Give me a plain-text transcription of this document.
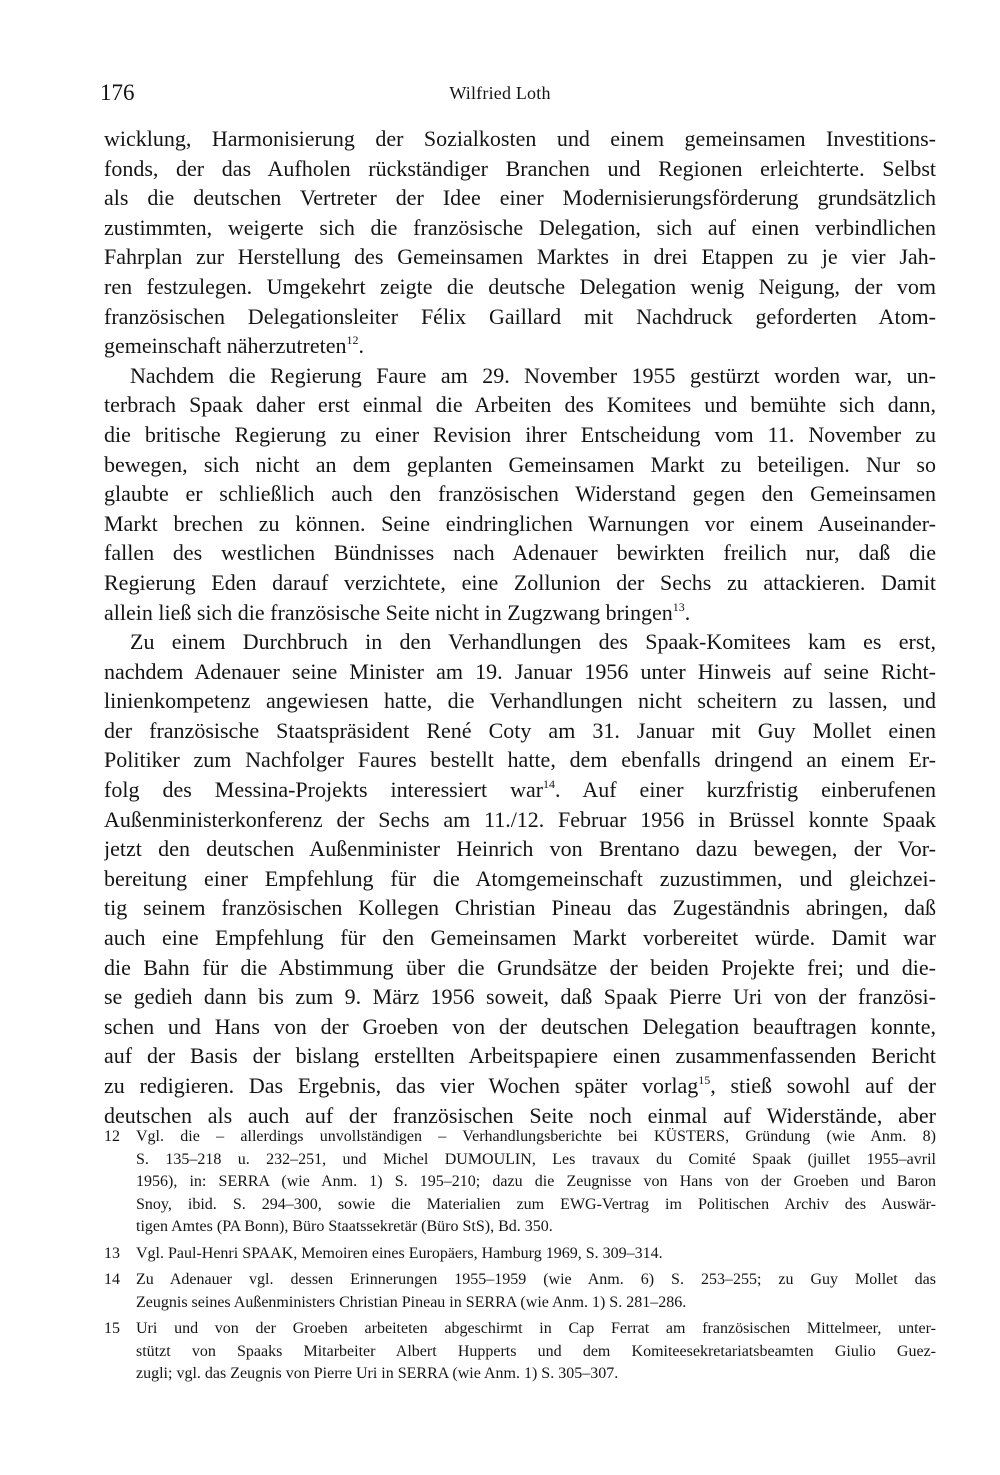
176	Wilfried Loth
wicklung, Harmonisierung der Sozialkosten und einem gemeinsamen Investitions-
fonds, der das Aufholen rückständiger Branchen und Regionen erleichterte. Selbst
als die deutschen Vertreter der Idee einer Modernisierungsförderung grundsätzlich
zustimmten, weigerte sich die französische Delegation, sich auf einen verbindlichen
Fahrplan zur Herstellung des Gemeinsamen Marktes in drei Etappen zu je vier Jah-
ren festzulegen. Umgekehrt zeigte die deutsche Delegation wenig Neigung, der vom
französischen Delegationsleiter Félix Gaillard mit Nachdruck geforderten Atom-
gemeinschaft näherzutreten$^{12}$.
Nachdem die Regierung Faure am 29. November 1955 gestürzt worden war, un-
terbrach Spaak daher erst einmal die Arbeiten des Komitees und bemühte sich dann,
die britische Regierung zu einer Revision ihrer Entscheidung vom 11. November zu
bewegen, sich nicht an dem geplanten Gemeinsamen Markt zu beteiligen. Nur so
glaubte er schließlich auch den französischen Widerstand gegen den Gemeinsamen
Markt brechen zu können. Seine eindringlichen Warnungen vor einem Auseinander-
fallen des westlichen Bündnisses nach Adenauer bewirkten freilich nur, daß die
Regierung Eden darauf verzichtete, eine Zollunion der Sechs zu attackieren. Damit
allein ließ sich die französische Seite nicht in Zugzwang bringen$^{13}$.
Zu einem Durchbruch in den Verhandlungen des Spaak-Komitees kam es erst,
nachdem Adenauer seine Minister am 19. Januar 1956 unter Hinweis auf seine Richt-
linienkompetenz angewiesen hatte, die Verhandlungen nicht scheitern zu lassen, und
der französische Staatspräsident René Coty am 31. Januar mit Guy Mollet einen
Politiker zum Nachfolger Faures bestellt hatte, dem ebenfalls dringend an einem Er-
folg des Messina-Projekts interessiert war$^{14}$. Auf einer kurzfristig einberufenen
Außenministerkonferenz der Sechs am 11./12. Februar 1956 in Brüssel konnte Spaak
jetzt den deutschen Außenminister Heinrich von Brentano dazu bewegen, der Vor-
bereitung einer Empfehlung für die Atomgemeinschaft zuzustimmen, und gleichzei-
tig seinem französischen Kollegen Christian Pineau das Zugeständnis abringen, daß
auch eine Empfehlung für den Gemeinsamen Markt vorbereitet würde. Damit war
die Bahn für die Abstimmung über die Grundsätze der beiden Projekte frei; und die-
se gedieh dann bis zum 9. März 1956 soweit, daß Spaak Pierre Uri von der französi-
schen und Hans von der Groeben von der deutschen Delegation beauftragen konnte,
auf der Basis der bislang erstellten Arbeitspapiere einen zusammenfassenden Bericht
zu redigieren. Das Ergebnis, das vier Wochen später vorlag$^{15}$, stieß sowohl auf der
deutschen als auch auf der französischen Seite noch einmal auf Widerstände, aber
12 Vgl. die – allerdings unvollständigen – Verhandlungsberichte bei KÜSTERS, Gründung (wie Anm. 8)
S. 135–218 u. 232–251, und Michel DUMOULIN, Les travaux du Comité Spaak (juillet 1955–avril
1956), in: SERRA (wie Anm. 1) S. 195–210; dazu die Zeugnisse von Hans von der Groeben und Baron
Snoy, ibid. S. 294–300, sowie die Materialien zum EWG-Vertrag im Politischen Archiv des Auswär-
tigen Amtes (PA Bonn), Büro Staatssekretär (Büro StS), Bd. 350.
13 Vgl. Paul-Henri SPAAK, Memoiren eines Europäers, Hamburg 1969, S. 309–314.
14 Zu Adenauer vgl. dessen Erinnerungen 1955–1959 (wie Anm. 6) S. 253–255; zu Guy Mollet das
Zeugnis seines Außenministers Christian Pineau in SERRA (wie Anm. 1) S. 281–286.
15 Uri und von der Groeben arbeiteten abgeschirmt in Cap Ferrat am französischen Mittelmeer, unter-
stützt von Spaaks Mitarbeiter Albert Hupperts und dem Komiteesekretariatsbeamten Giulio Guez-
zugli; vgl. das Zeugnis von Pierre Uri in SERRA (wie Anm. 1) S. 305–307.
